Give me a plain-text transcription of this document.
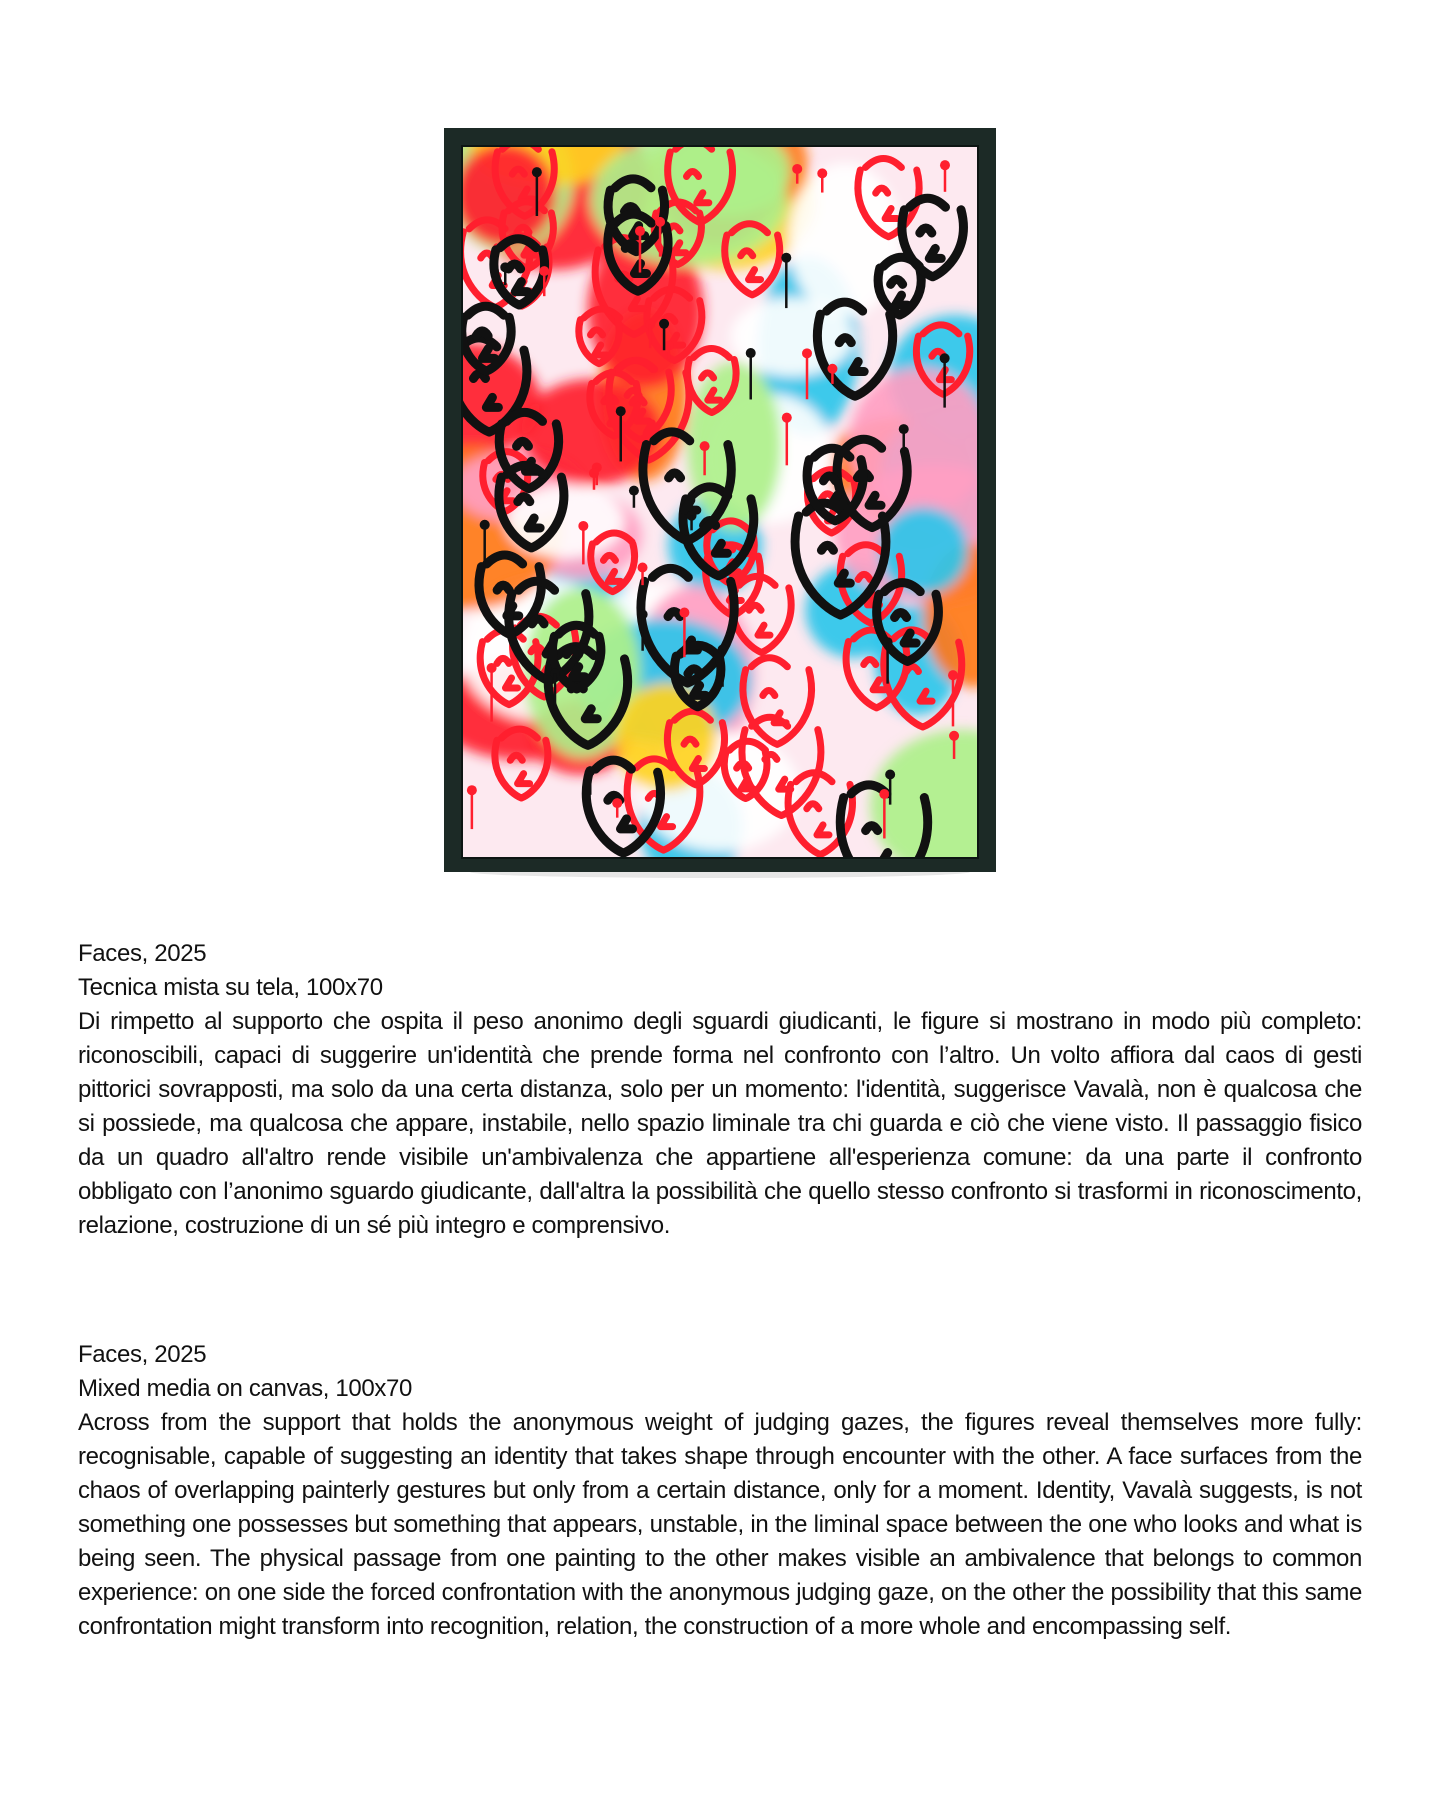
Faces, 2025
Tecnica mista su tela, 100x70
Di rimpetto al supporto che ospita il peso anonimo degli sguardi giudicanti, le figure si mostrano in modo più completo: riconoscibili, capaci di suggerire un'identità che prende forma nel confronto con l’altro. Un volto affiora dal caos di gesti pittorici sovrapposti, ma solo da una certa distanza, solo per un momento: l'identità, suggerisce Vavalà, non è qualcosa che si possiede, ma qualcosa che appare, instabile, nello spazio liminale tra chi guarda e ciò che viene visto. Il passaggio fisico da un quadro all'altro rende visibile un'ambivalenza che appartiene all'esperienza comune: da una parte il confronto obbligato con l’anonimo sguardo giudicante, dall'altra la possibilità che quello stesso confronto si trasformi in riconoscimento, relazione, costruzione di un sé più integro e comprensivo.
Faces, 2025
Mixed media on canvas, 100x70
Across from the support that holds the anonymous weight of judging gazes, the figures reveal themselves more fully: recognisable, capable of suggesting an identity that takes shape through encounter with the other. A face surfaces from the chaos of overlapping painterly gestures but only from a certain distance, only for a moment. Identity, Vavalà suggests, is not something one possesses but something that appears, unstable, in the liminal space between the one who looks and what is being seen. The physical passage from one painting to the other makes visible an ambivalence that belongs to common experience: on one side the forced confrontation with the anonymous judging gaze, on the other the possibility that this same confrontation might transform into recognition, relation, the construction of a more whole and encompassing self.
